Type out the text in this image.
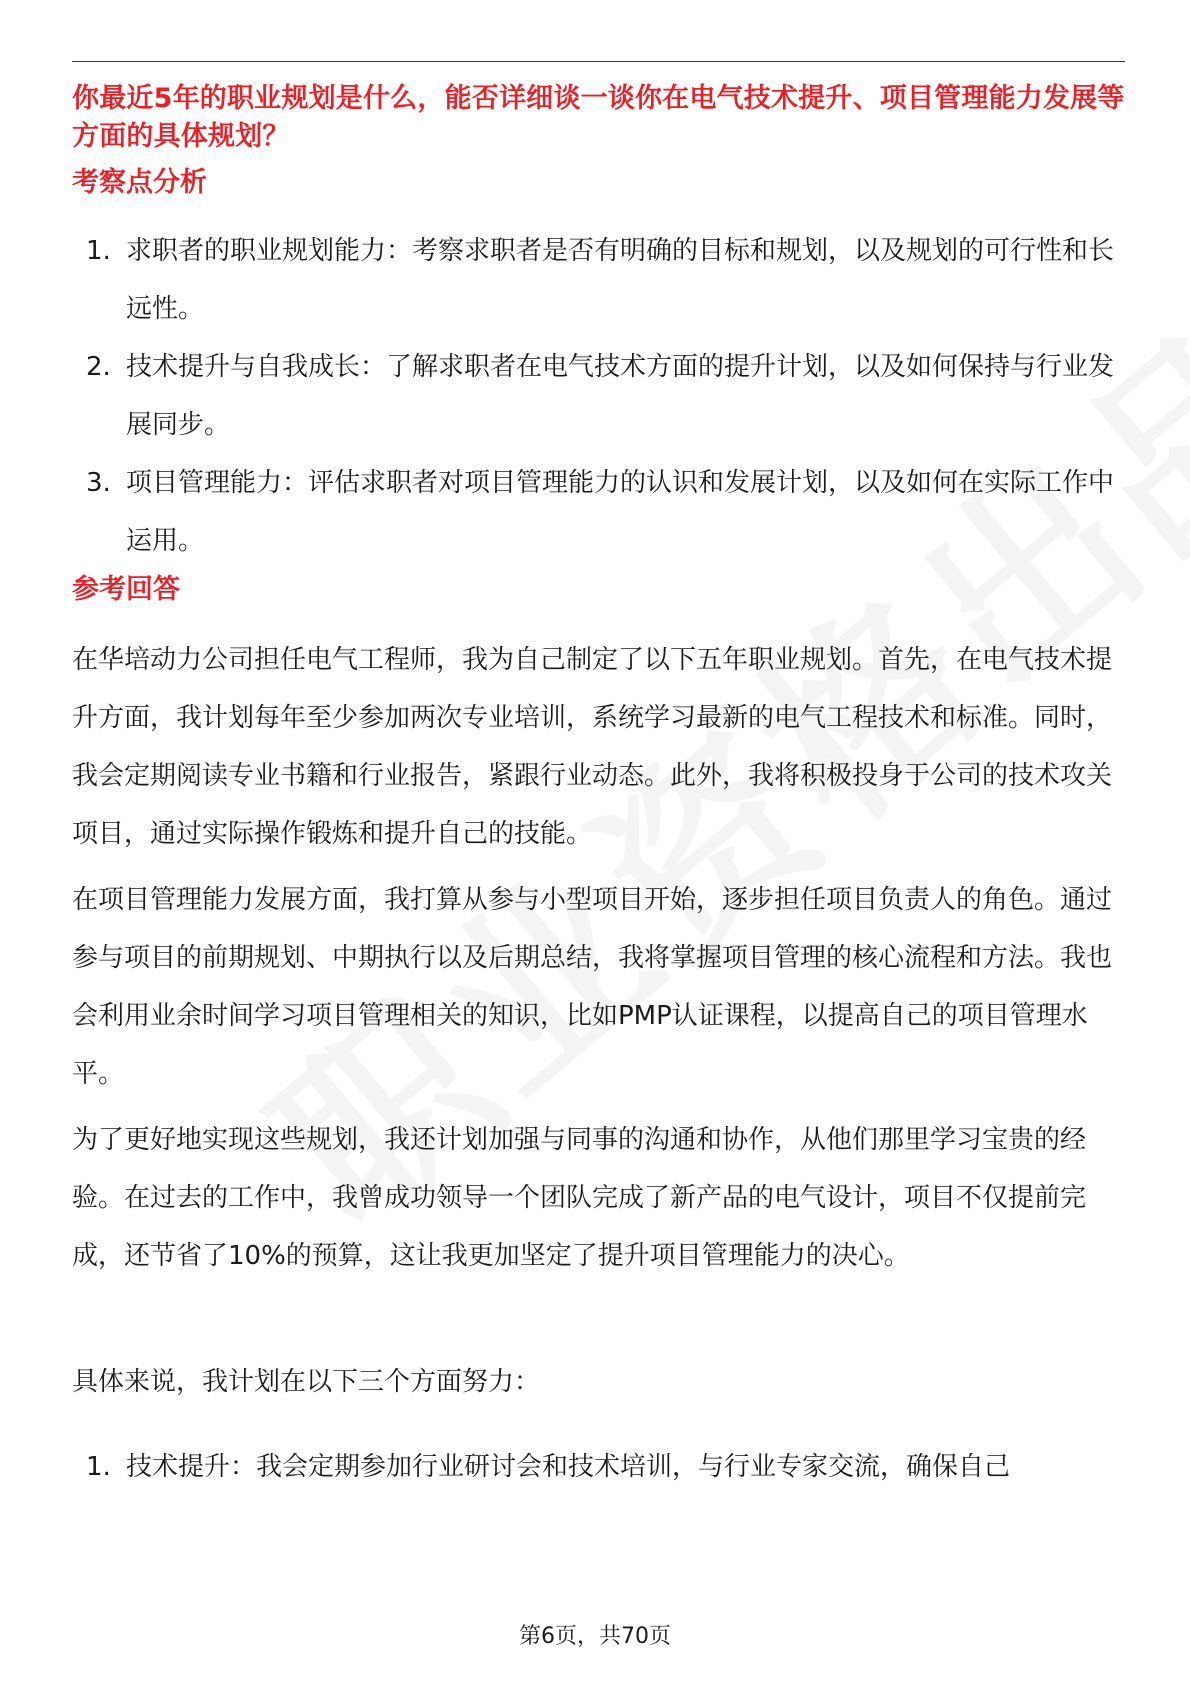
你最近5年的职业规划是什么，能否详细谈一谈你在电气技术提升、项目管理能力发展等方面的具体规划？

考察点分析
1. 求职者的职业规划能力：考察求职者是否有明确的目标和规划，以及规划的可行性和长远性。
2. 技术提升与自我成长：了解求职者在电气技术方面的提升计划，以及如何保持与行业发展同步。
3. 项目管理能力：评估求职者对项目管理能力的认识和发展计划，以及如何在实际工作中运用。
参考回答

在华培动力公司担任电气工程师，我为自己制定了以下五年职业规划。首先，在电气技术提升方面，我计划每年至少参加两次专业培训，系统学习最新的电气工程技术和标准。同时，我会定期阅读专业书籍和行业报告，紧跟行业动态。此外，我将积极投身于公司的技术攻关项目，通过实际操作锻炼和提升自己的技能。

在项目管理能力发展方面，我打算从参与小型项目开始，逐步担任项目负责人的角色。通过参与项目的前期规划、中期执行以及后期总结，我将掌握项目管理的核心流程和方法。我也会利用业余时间学习项目管理相关的知识，比如PMP认证课程，以提高自己的项目管理水平。

为了更好地实现这些规划，我还计划加强与同事的沟通和协作，从他们那里学习宝贵的经验。在过去的工作中，我曾成功领导一个团队完成了新产品的电气设计，项目不仅提前完成，还节省了10%的预算，这让我更加坚定了提升项目管理能力的决心。

具体来说，我计划在以下三个方面努力：

1. 技术提升：我会定期参加行业研讨会和技术培训，与行业专家交流，确保自己
第6页，共70页
